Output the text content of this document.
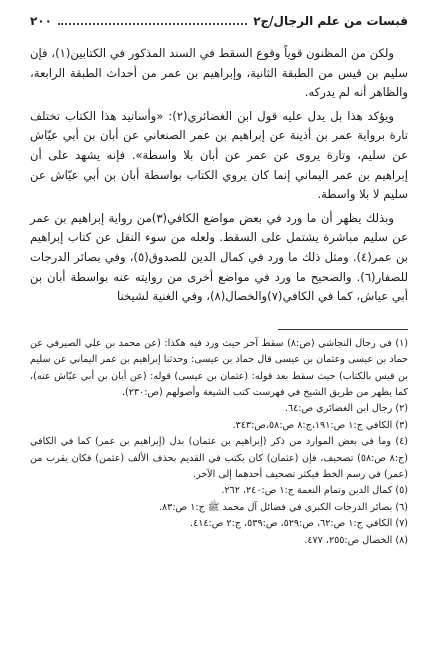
قبسات من علم الرجال/ج٢
٢٠٠

ولكن من المظنون قوياً وقوع السقط في السند المذكور في الكتابين(١)، فإن سليم بن قيس من الطبقة الثانية، وإبراهيم بن عمر من أحداث الطبقة الرابعة، والظاهر أنه لم يدركه.

ويؤكد هذا بل يدل عليه قول ابن الغضائري(٢): «وأسانيد هذا الكتاب تختلف تارة برواية عمر بن أذينة عن إبراهيم بن عمر الصنعاني عن أبان بن أبي عيّاش عن سليم، وتارة يروى عن عمر عن أبان بلا واسطة». فإنه يشهد على أن إبراهيم بن عمر اليماني إنما كان يروي الكتاب بواسطة أبان بن أبي عيّاش عن سليم لا بلا واسطة.

وبذلك يظهر أن ما ورد في بعض مواضع الكافي(٣)من رواية إبراهيم بن عمر عن سليم مباشرة يشتمل على السقط. ولعله من سوء النقل عن كتاب إبراهيم بن عمر(٤). ومثل ذلك ما ورد في كمال الدين للصدوق(٥)، وفي بصائر الدرجات للصفار(٦). والصحيح ما ورد في مواضع أخرى من روايته عنه بواسطة أبان بن أبي عياش، كما في الكافي(٧)والخصال(٨)، وفي الغنية لشيخنا

(١) في رجال النجاشي (ص:٨) سقط آخر حيث ورد فيه هكذا: (عن محمد بن علي الصيرفي عن حماد بن عيسى وعثمان بن عيسى قال حماد بن عيسى: وحدثنا إبراهيم بن عمر اليماني عن سليم بن قيس بالكتاب) حيث سقط بعد قوله: (عثمان بن عيسى) قوله: (عن أبان بن أبي عيّاش عنه)، كما يظهر من طريق الشيخ في فهرست كتب الشيعة وأصولهم (ص:٢٣٠).

(٢) رجال ابن الغضائري ص:٦٤.

(٣) الكافي ج:١ ص:١٩١،ج:٨ ص:٥٨،ص:٣٤٣.

(٤) وما في بعض الموارد من ذكر (إبراهيم بن عثمان) بدل (إبراهيم بن عمر) كما في الكافي (ج:٨ ص:٥٨) تصحيف، فإن (عثمان) كان يكتب في القديم بحذف الألف (عثمن) فكان يقرب من (عمر) في رسم الخط فيكثر تصحيف أحدهما إلى الآخر.

(٥) كمال الدين وتمام النعمة ج:١ ص:٢٤٠، ٢٦٢.

(٦) بصائر الدرجات الكبرى في فضائل آل محمد ﷺ ج:١ ص:٨٣.

(٧) الكافي ج:١ ص:٦٢، ص:٥٢٩، ص:٥٣٩، ج:٢ ص:٤١٤.

(٨) الخصال ص:٢٥٥، ٤٧٧.
